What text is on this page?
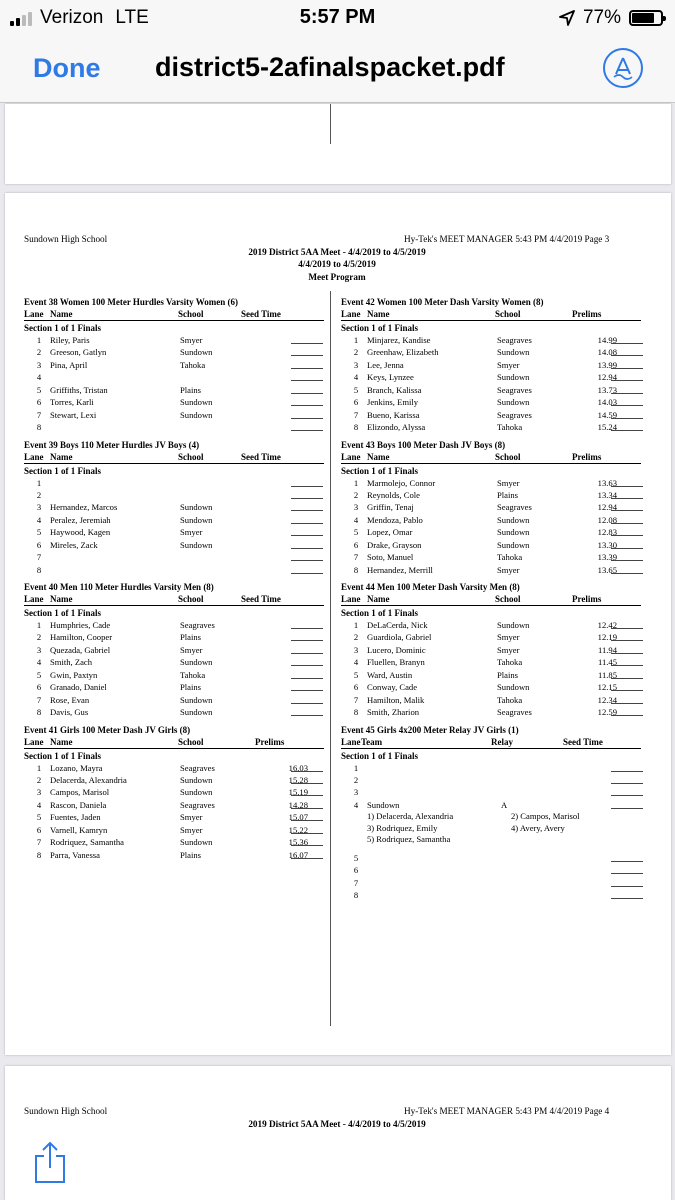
Verizon LTE	5:57 PM	77%
Done district5-2afinalspacket.pdf
Sundown High School	Hy-Tek's MEET MANAGER 5:43 PM 4/4/2019 Page 3
2019 District 5AA Meet - 4/4/2019 to 4/5/2019
4/4/2019 to 4/5/2019
Meet Program
Event 38 Women 100 Meter Hurdles Varsity Women (6)
Lane Name	School	Seed Time
Section 1 of 1 Finals
1	Riley, Paris	Smyer
2	Greeson, Gatlyn	Sundown
3	Pina, April	Tahoka
4
5	Griffiths, Tristan	Plains
6	Torres, Karli	Sundown
7	Stewart, Lexi	Sundown
8
Event 39 Boys 110 Meter Hurdles JV Boys (4)
Lane Name	School	Seed Time
Section 1 of 1 Finals
1
2
3	Hernandez, Marcos	Sundown
4	Peralez, Jeremiah	Sundown
5	Haywood, Kagen	Smyer
6	Mireles, Zack	Sundown
7
8
Event 40 Men 110 Meter Hurdles Varsity Men (8)
Lane Name	School	Seed Time
Section 1 of 1 Finals
1	Humphries, Cade	Seagraves
2	Hamilton, Cooper	Plains
3	Quezada, Gabriel	Smyer
4	Smith, Zach	Sundown
5	Gwin, Paxtyn	Tahoka
6	Granado, Daniel	Plains
7	Rose, Evan	Sundown
8	Davis, Gus	Sundown
Event 41 Girls 100 Meter Dash JV Girls (8)
Lane Name	School	Prelims
Section 1 of 1 Finals
1	Lozano, Mayra	Seagraves	16.03
2	Delacerda, Alexandria	Sundown	15.28
3	Campos, Marisol	Sundown	15.19
4	Rascon, Daniela	Seagraves	14.28
5	Fuentes, Jaden	Smyer	15.07
6	Varnell, Kamryn	Smyer	15.22
7	Rodriquez, Samantha	Sundown	15.36
8	Parra, Vanessa	Plains	16.07
Event 42 Women 100 Meter Dash Varsity Women (8)
Lane Name	School	Prelims
Section 1 of 1 Finals
1	Minjarez, Kandise	Seagraves	14.99
2	Greenhaw, Elizabeth	Sundown	14.08
3	Lee, Jenna	Smyer	13.99
4	Keys, Lynzee	Sundown	12.94
5	Branch, Kalissa	Seagraves	13.73
6	Jenkins, Emily	Sundown	14.03
7	Bueno, Karissa	Seagraves	14.59
8	Elizondo, Alyssa	Tahoka	15.24
Event 43 Boys 100 Meter Dash JV Boys (8)
Lane Name	School	Prelims
Section 1 of 1 Finals
1	Marmolejo, Connor	Smyer	13.63
2	Reynolds, Cole	Plains	13.34
3	Griffin, Tenaj	Seagraves	12.94
4	Mendoza, Pablo	Sundown	12.08
5	Lopez, Omar	Sundown	12.83
6	Drake, Grayson	Sundown	13.30
7	Soto, Manuel	Tahoka	13.39
8	Hernandez, Merrill	Smyer	13.65
Event 44 Men 100 Meter Dash Varsity Men (8)
Lane Name	School	Prelims
Section 1 of 1 Finals
1	DeLaCerda, Nick	Sundown	12.42
2	Guardiola, Gabriel	Smyer	12.19
3	Lucero, Dominic	Smyer	11.94
4	Fluellen, Branyn	Tahoka	11.45
5	Ward, Austin	Plains	11.85
6	Conway, Cade	Sundown	12.15
7	Hamilton, Malik	Tahoka	12.34
8	Smith, Zharion	Seagraves	12.59
Event 45 Girls 4x200 Meter Relay JV Girls (1)
Lane Team	Relay	Seed Time
Section 1 of 1 Finals
1
2
3
4	Sundown	A
1) Delacerda, Alexandria	2) Campos, Marisol
3) Rodriquez, Emily	4) Avery, Avery
5) Rodriquez, Samantha
5
6
7
8
Sundown High School	Hy-Tek's MEET MANAGER 5:43 PM 4/4/2019 Page 4
2019 District 5AA Meet - 4/4/2019 to 4/5/2019
